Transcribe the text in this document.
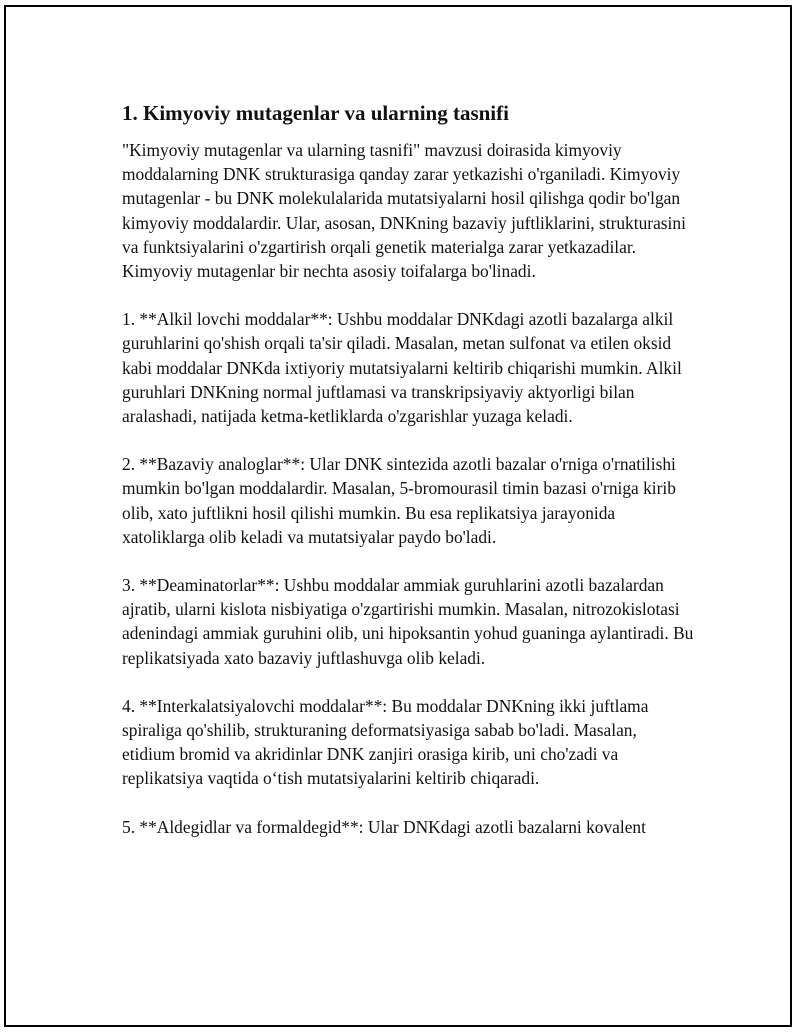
1. Kimyoviy mutagenlar va ularning tasnifi

"Kimyoviy mutagenlar va ularning tasnifi" mavzusi doirasida kimyoviy moddalarning DNK strukturasiga qanday zarar yetkazishi o'rganiladi. Kimyoviy mutagenlar - bu DNK molekulalarida mutatsiyalarni hosil qilishga qodir bo'lgan kimyoviy moddalardir. Ular, asosan, DNKning bazaviy juftliklarini, strukturasini va funktsiyalarini o'zgartirish orqali genetik materialga zarar yetkazadilar. Kimyoviy mutagenlar bir nechta asosiy toifalarga bo'linadi.

1. **Alkil lovchi moddalar**: Ushbu moddalar DNKdagi azotli bazalarga alkil guruhlarini qo'shish orqali ta'sir qiladi. Masalan, metan sulfonat va etilen oksid kabi moddalar DNKda ixtiyoriy mutatsiyalarni keltirib chiqarishi mumkin. Alkil guruhlari DNKning normal juftlamasi va transkripsiyaviy aktyorligi bilan aralashadi, natijada ketma-ketliklarda o'zgarishlar yuzaga keladi.

2. **Bazaviy analoglar**: Ular DNK sintezida azotli bazalar o'rniga o'rnatilishi mumkin bo'lgan moddalardir. Masalan, 5-bromourasil timin bazasi o'rniga kirib olib, xato juftlikni hosil qilishi mumkin. Bu esa replikatsiya jarayonida xatoliklarga olib keladi va mutatsiyalar paydo bo'ladi.

3. **Deaminatorlar**: Ushbu moddalar ammiak guruhlarini azotli bazalardan ajratib, ularni kislota nisbiyatiga o'zgartirishi mumkin. Masalan, nitrozokislotasi adenindagi ammiak guruhini olib, uni hipoksantin yohud guaninga aylantiradi. Bu replikatsiyada xato bazaviy juftlashuvga olib keladi.

4. **Interkalatsiyalovchi moddalar**: Bu moddalar DNKning ikki juftlama spiraliga qo'shilib, strukturaning deformatsiyasiga sabab bo'ladi. Masalan, etidium bromid va akridinlar DNK zanjiri orasiga kirib, uni cho'zadi va replikatsiya vaqtida o‘tish mutatsiyalarini keltirib chiqaradi.

5. **Aldegidlar va formaldegid**: Ular DNKdagi azotli bazalarni kovalent
